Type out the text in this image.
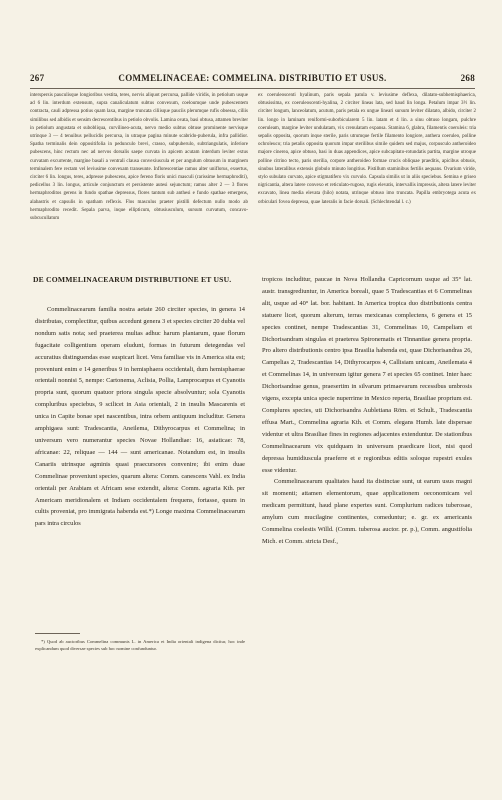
267	COMMELINACEAE: COMMELINA. DISTRIBUTIO ET USUS.	268
interspersis pauculisque longioribus vestita, teres, nervis aliquot percursa, pallide viridis, in petiolum usque ad 6 lin. interdum extensum, supra canaliculatum subtus convexum, coeloumque unde pubescentem contracta, cauli adpressa potius quam laxa, margine truncata ciliisque pauciis plerumque rufis obsessa, ciliis similibus sed albidis et sensim decrescentibus in petiolo obvolis. Lamina ovata, basi obtusa, attamen breviter in petiolum angustata et subobliqua, curvilineo-acuta, nervo medio subtus obtuse prominente nervisque utrinque 3 — 4 tenuibus pellucidis percursa, in utraque pagina minute scabrido-puberula, infra pallidior. Spatha terminalis dein oppositifolia in pedunculo brevi, crasso, subpuberulo, subtriangulatis, inferiore pubescens, hinc rectum nec ad nervos dorsalis saepe curvata in apicem acutam interdum leviter extus curvatam excurrente, margine basali a ventrali clausa convexiuscula et per angulum obtusum in marginem terminalem fere rectam vel leviusime convexam transeunte. Inflorescentiae ramus alter uniflorus, exsertus, circiter 6 lin. longus, teres, adpresse pubescens, apice fereno floris unici masculi (rarissime hermaphroditi), pedicellus 3 lin. longus, articule conjunctum et persistente autesi sejunctum; ramus alter 2 — 3 flores hermaphroditos gerens in fundo spathae depressus, flores tantum sub anthesi e fundo spathae emergens, alabastris et capsulis in spatham reflexis. Flos masculus praeter pistilli defectum nullo modo ab hermaphrodito recedit. Sepala parva, inque ellipticum, obtusiusculum, sursum curvatum, concavo-subcucullatum
ex coeruleoscenti hyalinum, paris sepala patula v. leviusime deflexa, dilatato-subhemisphaerica, obtusissima, ex coeruleoscenti-hyalina, 2 circiter lineas lata, sed haud lin longa. Petalum impar 3½ lin. circiter longum, lanceolatum, acutum, paris petala ex ungue lineari sursum leviter dilatato, albido, circiter 2 lin. longo in laminam reniformi-suborbicularem 5 lin. latam et 4 lin. a sinu obtuso longam, pulchre coeruleam, margine leviter undulatam, vix crenulatam expansa. Stamina 6, glabra, filamentis coeruleis: tria sepalis opposita, quorum inque sterile, paris utrumque fertile filamento longiore, anthera coeruleo, polline ochroleuco; tria petalis opposita quorum impar sterilibus simile quidem sed majus, corpusculo antheroideo majore cinerea, apice obtuso, basi in duas appendices, apice subcapitato-rotundatis partita, margine utroque polline citrino tecto, paris sterilia, corpore antheroideo formae crucis obliquae praeditis, apicibus obtusis, sinubus lateralibus extensis globulo minuto longitius. Pistillum staminibus fertilis aequans. Ovarium viride, stylo subulato curvato, apice stigmatifero vix curvulo. Capsula similis ut in aliis speciebus. Semina e griseo nigricantia, altera latere convexo et reticulato-rugoso, rugis elevatis, intervallis impressis, altera latere leviter excavato, linea media elevata (hilo) notata, utrinque obtuso imo truncata. Papilla embryotega acuta ex orbiculari fovea depressa, quae lateralis in facie dorsali. (Schlechtendal l. c.)
DE COMMELINACEARUM DISTRIBUTIONE ET USU.

Commelinacearum familia nostra aetate 260 circiter species, in genera 14 distributas, complectitur, quibus accedunt genera 3 et species circiter 20 dubia vel nondum satis nota; sed praeterea multas adhuc harum plantarum, quae florum fugacitate colligentium operam eludunt, formas in futurum detegendas vel accuratius distinguendas esse suspicari licet. Vera familiae vis in America sita est; proveniunt enim e 14 generibus 9 in hemisphaera occidentali, dum hemisphaerae orientali nonnisi 5, nempe: Cartonema, Aclisia, Pollia, Lamprocarpus et Cyanotis propria sunt, quorum quatuor priora singula specie absolvuntur; sola Cyanotis compluribus speciebus, 9 scilicet in Asia orientali, 2 in insulis Mascarenis et unica in Capite bonae spei nascentibus, intra orbem antiquum includitur. Genera amphigaea sunt: Tradescantia, Aneilema, Dithyrocarpus et Commelina; in universum vero numerantur species Novae Hollandiae: 16, asiaticae: 78, africanae: 22, reliquae — 144 — sunt americanae. Notandum est, in insulis Canariis utrinsque agminis quasi praecursores convenire; ibi enim duae Commelinae proveniunt species, quarum altera: Comm. canescens Vahl. ex India orientali per Arabiam et Africam sese extendit, altera: Comm. agraria Kth. per Americam meridionalem et Indiam occidentalem frequens, fortasse, quum in cultis proveniat, pro immigrata habenda est.*) Longe maxima Commelinacearum pars intra circulos

tropicos includitur, paucae in Nova Hollandia Capricornum usque ad 35° lat. austr. transgrediuntur, in America boreali, quae 5 Tradescantias et 6 Commelinas alit, usque ad 40° lat. bor. habitant. In America tropica duo distributionis centra statuere licet, quorum alterum, terras mexicanas complectens, 6 genera et 15 species continet, nempe Tradescantias 31, Commelinas 10, Campeliam et Dichorisandram singulas et praeterea Spironematis et Tinnantiae genera propria. Pro altero distributionis centro ipsa Brasilia habenda est, quae Dichorisandras 26, Campelias 2, Tradescantias 14, Dithyrocarpos 4, Callisiam unicam, Aneilemata 4 et Commelinas 14, in universum igitur genera 7 et species 65 continet. Inter haec Dichorisandrae genus, praesertim in silvarum primaevarum recessibus umbrosis vigens, excepta unica specie nuperrime in Mexico reperta, Brasiliae proprium est. Complures species, uti Dichorisandra Aubletiana Röm. et Schult., Tradescantia effusa Mart., Commelina agraria Kth. et Comm. elegans Humb. late dispersae videntur et ultra Brasiliae fines in regiones adjacentes extenduntur. De stationibus Commelinacearum vix quidquam in universum praedicare licet, nisi quod depressa humidiuscula praeferre et e regionibus editis soloque rupestri exules esse videntur.

Commelinacearum qualitates haud ita distinctae sunt, ut earum usus magni sit momenti; attamen elementorum, quae applicationem oeconomicam vel medicam permittunt, haud plane expertes sunt. Complurium radices tuberosae, amylum cum mucilagine continentes, comeduntur; e. gr. ex americanis Commelina coelestis Willd. (Comm. tuberosa auctor. pr. p.), Comm. angustifolia Mich. et Comm. stricta Desf.,

*) Quod ab auctoribus Commelina communis L. in America et India orientali indigena dicitur, hoc inde explicandum quod diversae species sub hoc nomine confunduntur.
